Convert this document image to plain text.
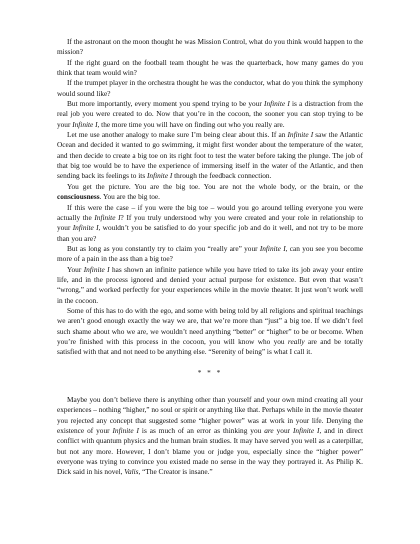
If the astronaut on the moon thought he was Mission Control, what do you think would happen to the mission?

If the right guard on the football team thought he was the quarterback, how many games do you think that team would win?

If the trumpet player in the orchestra thought he was the conductor, what do you think the symphony would sound like?

But more importantly, every moment you spend trying to be your Infinite I is a distraction from the real job you were created to do. Now that you’re in the cocoon, the sooner you can stop trying to be your Infinite I, the more time you will have on finding out who you really are.

Let me use another analogy to make sure I’m being clear about this. If an Infinite I saw the Atlantic Ocean and decided it wanted to go swimming, it might first wonder about the temperature of the water, and then decide to create a big toe on its right foot to test the water before taking the plunge. The job of that big toe would be to have the experience of immersing itself in the water of the Atlantic, and then sending back its feelings to its Infinite I through the feedback connection.

You get the picture. You are the big toe. You are not the whole body, or the brain, or the consciousness. You are the big toe.

If this were the case – if you were the big toe – would you go around telling everyone you were actually the Infinite I? If you truly understood why you were created and your role in relationship to your Infinite I, wouldn’t you be satisfied to do your specific job and do it well, and not try to be more than you are?

But as long as you constantly try to claim you “really are” your Infinite I, can you see you become more of a pain in the ass than a big toe?

Your Infinite I has shown an infinite patience while you have tried to take its job away your entire life, and in the process ignored and denied your actual purpose for existence. But even that wasn’t “wrong,” and worked perfectly for your experiences while in the movie theater. It just won’t work well in the cocoon.

Some of this has to do with the ego, and some with being told by all religions and spiritual teachings we aren’t good enough exactly the way we are, that we’re more than “just” a big toe. If we didn’t feel such shame about who we are, we wouldn’t need anything “better” or “higher” to be or become. When you’re finished with this process in the cocoon, you will know who you really are and be totally satisfied with that and not need to be anything else. “Serenity of being” is what I call it.

* * *

Maybe you don’t believe there is anything other than yourself and your own mind creating all your experiences – nothing “higher,” no soul or spirit or anything like that. Perhaps while in the movie theater you rejected any concept that suggested some “higher power” was at work in your life. Denying the existence of your Infinite I is as much of an error as thinking you are your Infinite I, and in direct conflict with quantum physics and the human brain studies. It may have served you well as a caterpillar, but not any more. However, I don’t blame you or judge you, especially since the “higher power” everyone was trying to convince you existed made no sense in the way they portrayed it. As Philip K. Dick said in his novel, Valis, “The Creator is insane.”
